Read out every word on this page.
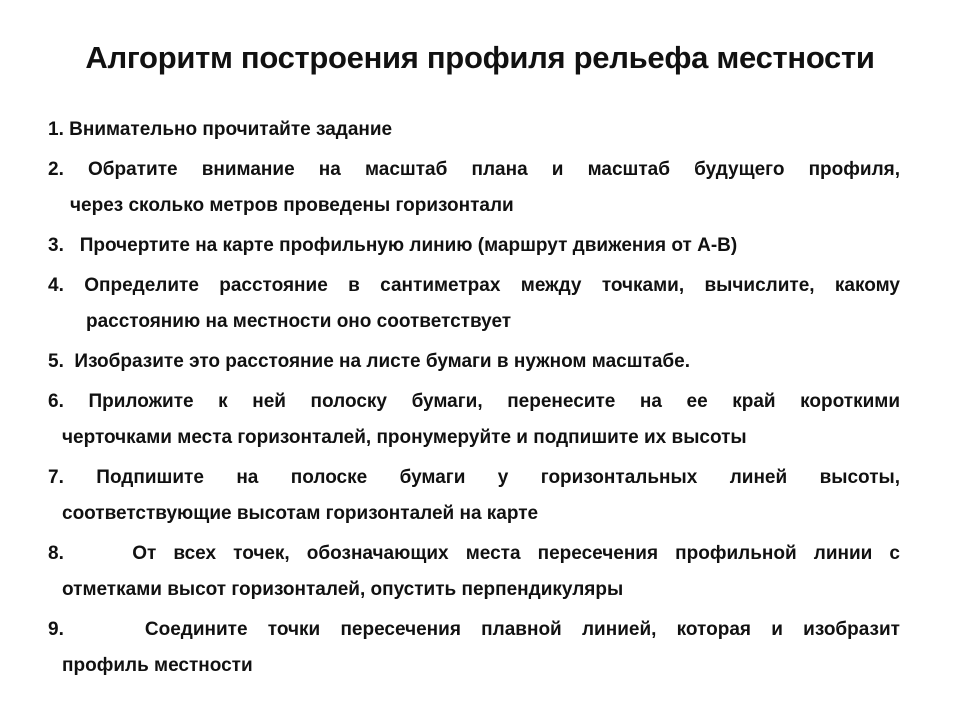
Алгоритм построения профиля рельефа местности
1. Внимательно прочитайте задание
2. Обратите внимание на масштаб плана и масштаб будущего профиля,
через сколько метров проведены горизонтали
3. Прочертите на карте профильную линию (маршрут движения от А-В)
4. Определите расстояние в сантиметрах между точками, вычислите, какому
расстоянию на местности оно соответствует
5. Изобразите это расстояние на листе бумаги в нужном масштабе.
6. Приложите к ней полоску бумаги, перенесите на ее край короткими
черточками места горизонталей, пронумеруйте и подпишите их высоты
7. Подпишите на полоске бумаги у горизонтальных линей высоты,
соответствующие высотам горизонталей на карте
8.	От всех точек, обозначающих места пересечения профильной линии с
отметками высот горизонталей, опустить перпендикуляры
9.	Соедините точки пересечения плавной линией, которая и изобразит
профиль местности
